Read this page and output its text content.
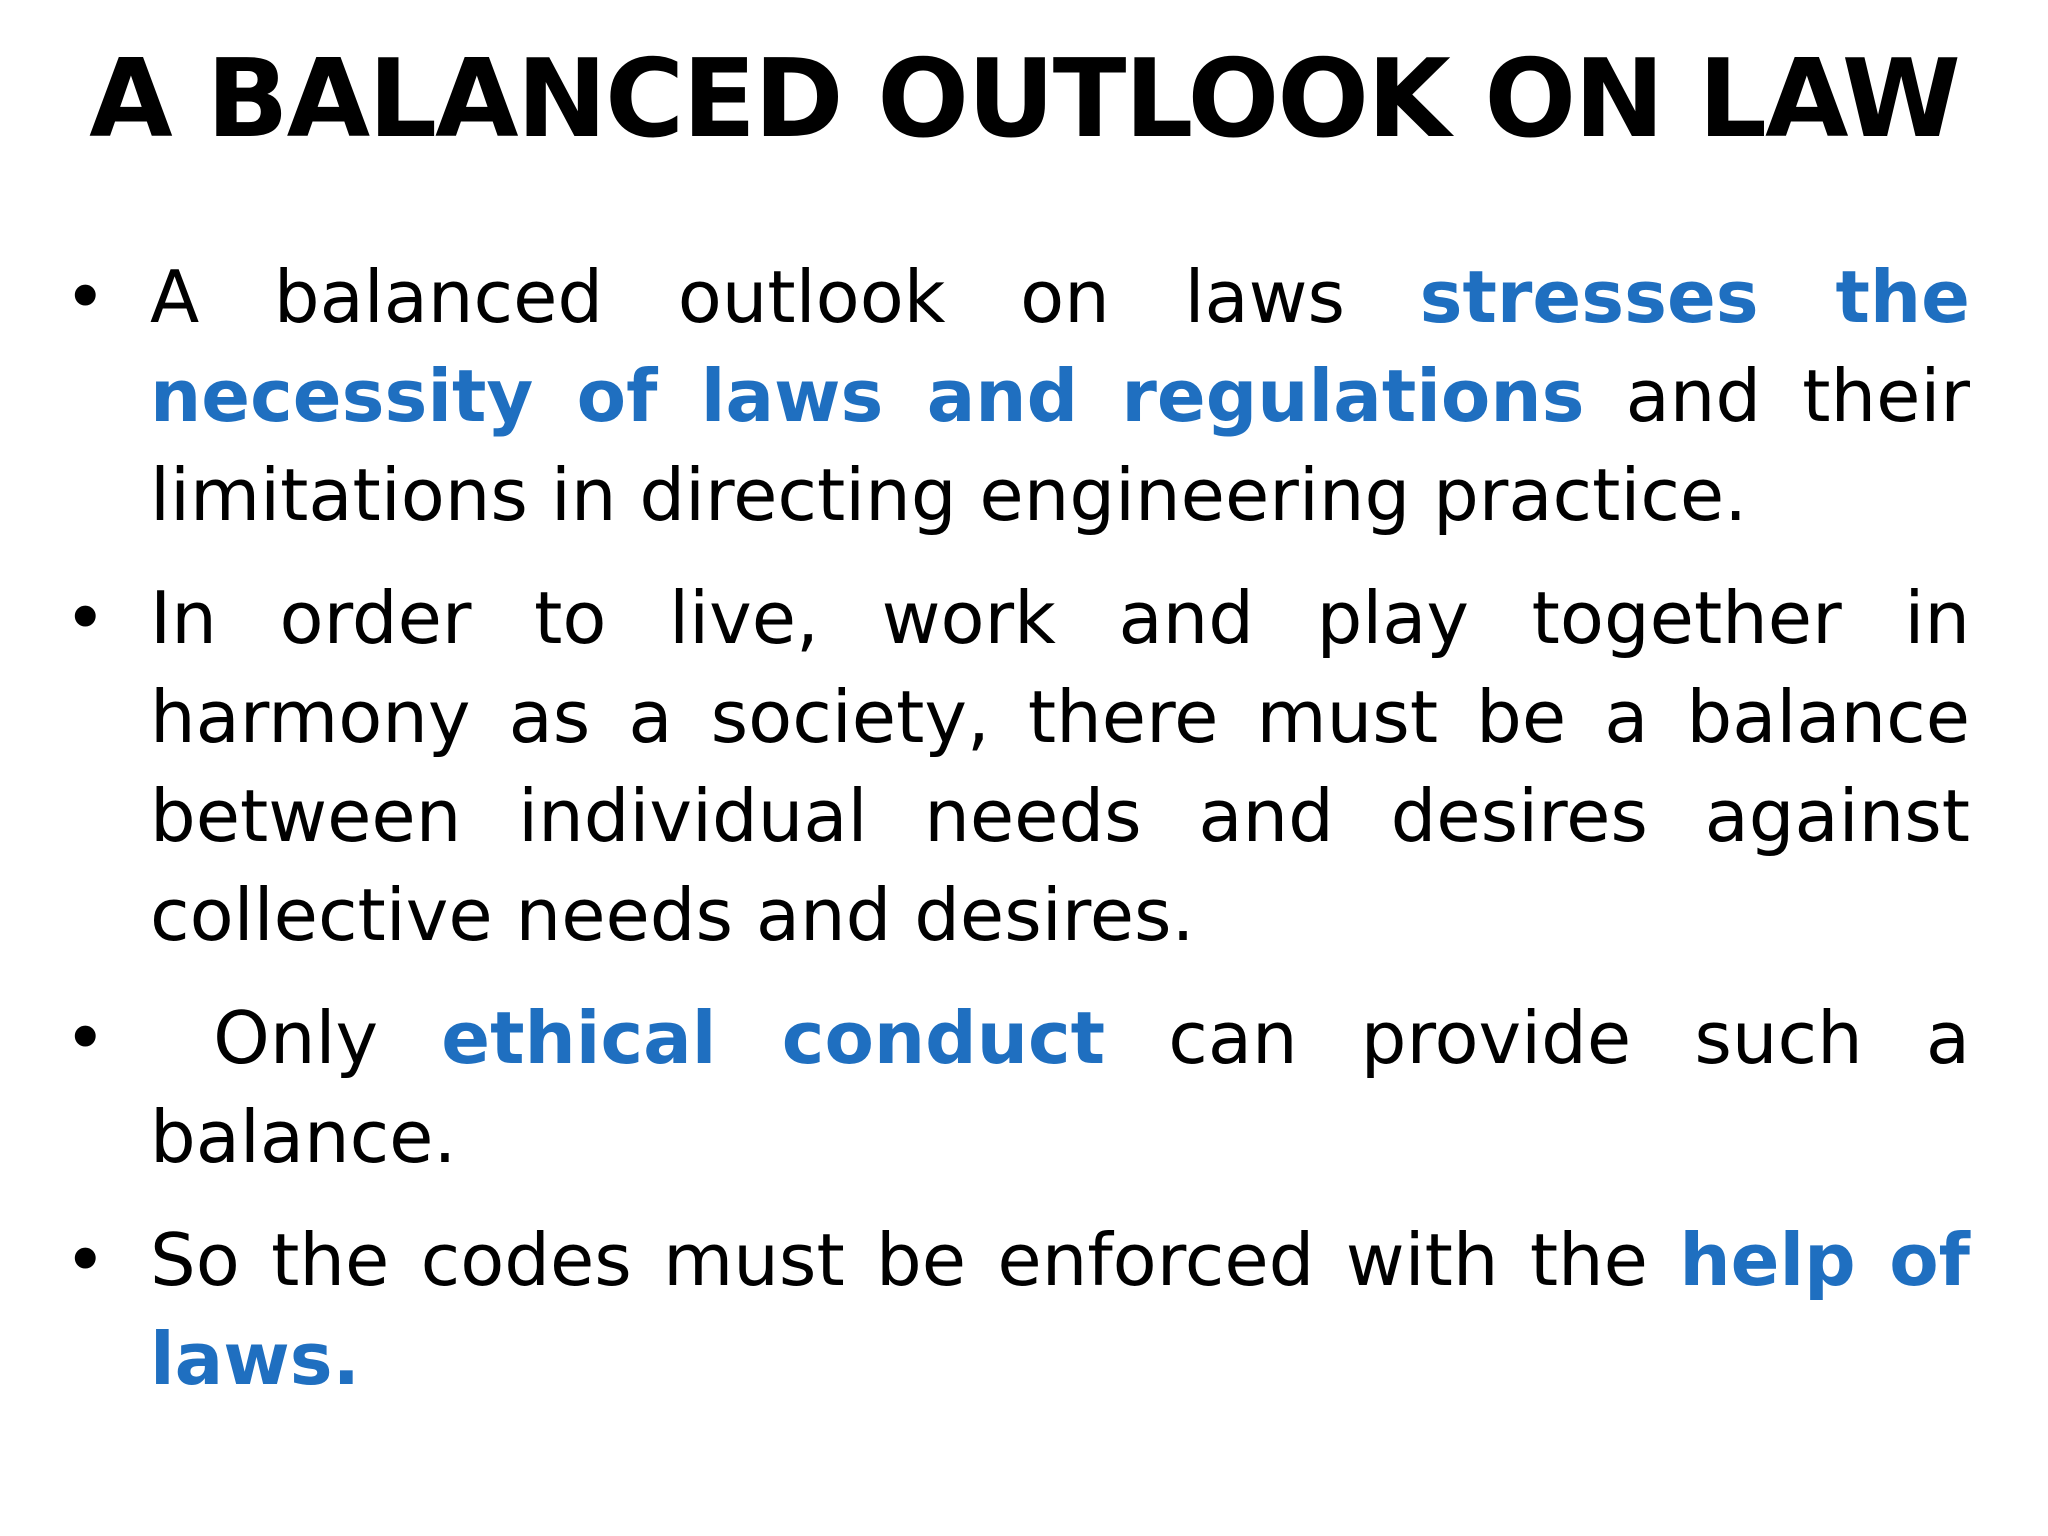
A BALANCED OUTLOOK ON LAW
• A balanced outlook on laws stresses the necessity of laws and regulations and their limitations in directing engineering practice.
• In order to live, work and play together in harmony as a society, there must be a balance between individual needs and desires against collective needs and desires.
• Only ethical conduct can provide such a balance.
• So the codes must be enforced with the help of laws.
